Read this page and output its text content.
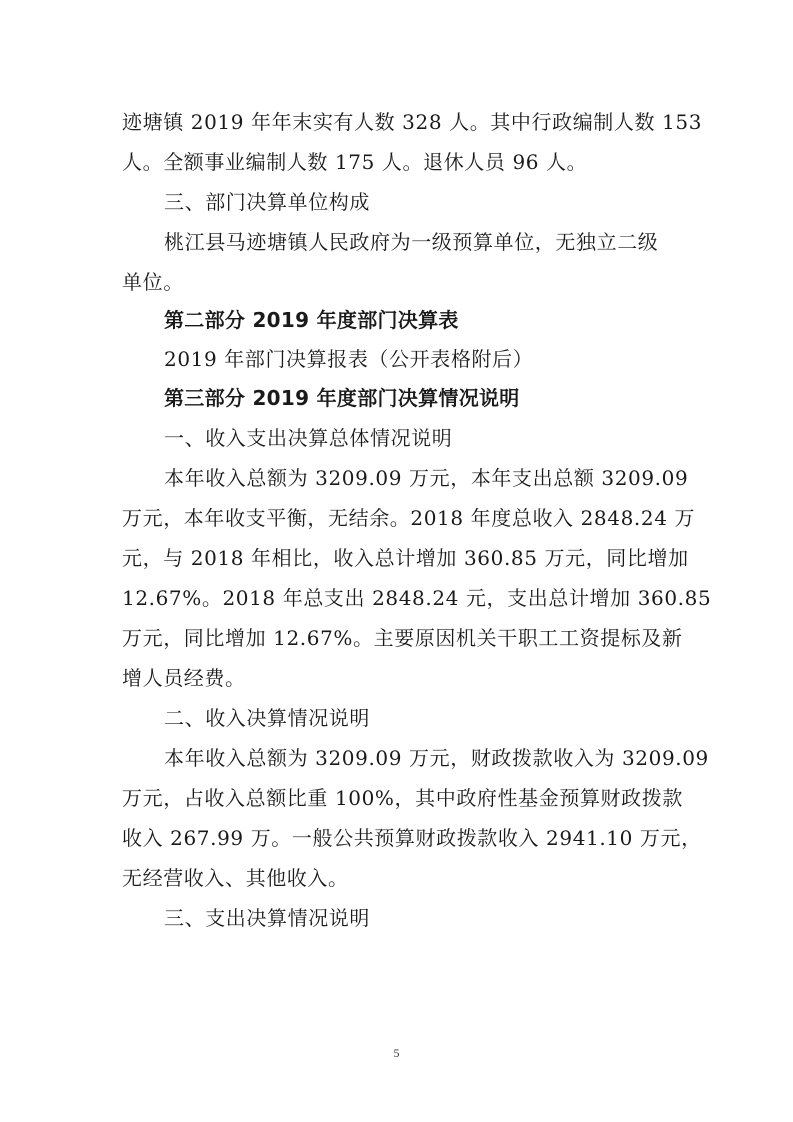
迹塘镇 2019 年年末实有人数 328 人。其中行政编制人数 153
人。全额事业编制人数 175 人。退休人员 96 人。
三、部门决算单位构成
桃江县马迹塘镇人民政府为一级预算单位，无独立二级
单位。
第二部分 2019 年度部门决算表
2019 年部门决算报表（公开表格附后）
第三部分 2019 年度部门决算情况说明
一、收入支出决算总体情况说明
本年收入总额为 3209.09 万元，本年支出总额 3209.09
万元，本年收支平衡，无结余。2018 年度总收入 2848.24 万
元，与 2018 年相比，收入总计增加 360.85 万元，同比增加
12.67%。2018 年总支出 2848.24 元，支出总计增加 360.85
万元，同比增加 12.67%。主要原因机关干职工工资提标及新
增人员经费。
二、收入决算情况说明
本年收入总额为 3209.09 万元，财政拨款收入为 3209.09
万元，占收入总额比重 100%，其中政府性基金预算财政拨款
收入 267.99 万。一般公共预算财政拨款收入 2941.10 万元，
无经营收入、其他收入。
三、支出决算情况说明
5
